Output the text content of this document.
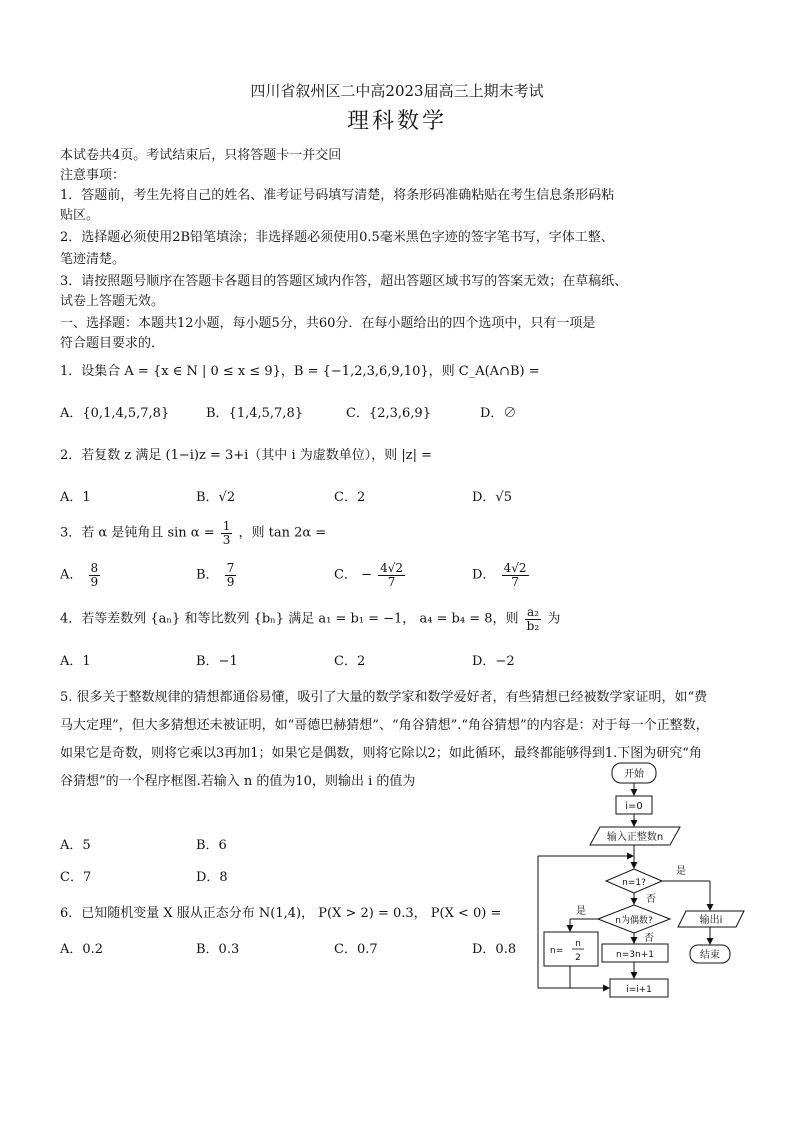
四川省叙州区二中高2023届高三上期末考试
理科数学
本试卷共4页。考试结束后，只将答题卡一并交回
注意事项：
1．答题前，考生先将自己的姓名、准考证号码填写清楚，将条形码准确粘贴在考生信息条形码粘
贴区。
2．选择题必须使用2B铅笔填涂；非选择题必须使用0.5毫米黑色字迹的签字笔书写，字体工整、
笔迹清楚。
3．请按照题号顺序在答题卡各题目的答题区域内作答，超出答题区域书写的答案无效；在草稿纸、
试卷上答题无效。
一、选择题：本题共12小题，每小题5分，共60分．在每小题给出的四个选项中，只有一项是
符合题目要求的．
1．设集合 A = {x ∈ N | 0 ≤ x ≤ 9}，B = {−1,2,3,6,9,10}，则 C_A(A∩B) =
A．{0,1,4,5,7,8}	B．{1,4,5,7,8}	C．{2,3,6,9}	D．∅
2．若复数 z 满足 (1−i)z = 3+i（其中 i 为虚数单位），则 |z| =
A．1	B．√2	C．2	D．√5
3．若 α 是钝角且 $\sin \alpha = \frac{1}{3}$ ，则 tan 2α =
A． $\frac{8}{9}$	B． $\frac{7}{9}$	C． − $\frac{4√2}{7}$	D． $\frac{4√2}{7}$
4．若等差数列 {aₙ} 和等比数列 {bₙ} 满足 a₁ = b₁ = −1， a₄ = b₄ = 8，则 $\frac{\text{a₂}}{\text{b₂}}$ 为
A．1	B．−1	C．2	D．−2
5. 很多关于整数规律的猜想都通俗易懂，吸引了大量的数学家和数学爱好者，有些猜想已经被数学家证明，如“费
马大定理”，但大多猜想还未被证明，如“哥德巴赫猜想”、“角谷猜想”.“角谷猜想”的内容是：对于每一个正整数，
如果它是奇数，则将它乘以3再加1；如果它是偶数，则将它除以2；如此循环，最终都能够得到1.下图为研究“角
谷猜想”的一个程序框图.若输入 n 的值为10，则输出 i 的值为
A．5	B．6
C．7	D．8
6．已知随机变量 X 服从正态分布 N(1,4)， P(X > 2) = 0.3， P(X < 0) =
A．0.2	B．0.3	C．0.7	D．0.8
开始
i=0
输入正整数n
n=1?
是
否
n为偶数?
是
否
n=
n
2	n=3n+1
i=i+1
输出i
结束
